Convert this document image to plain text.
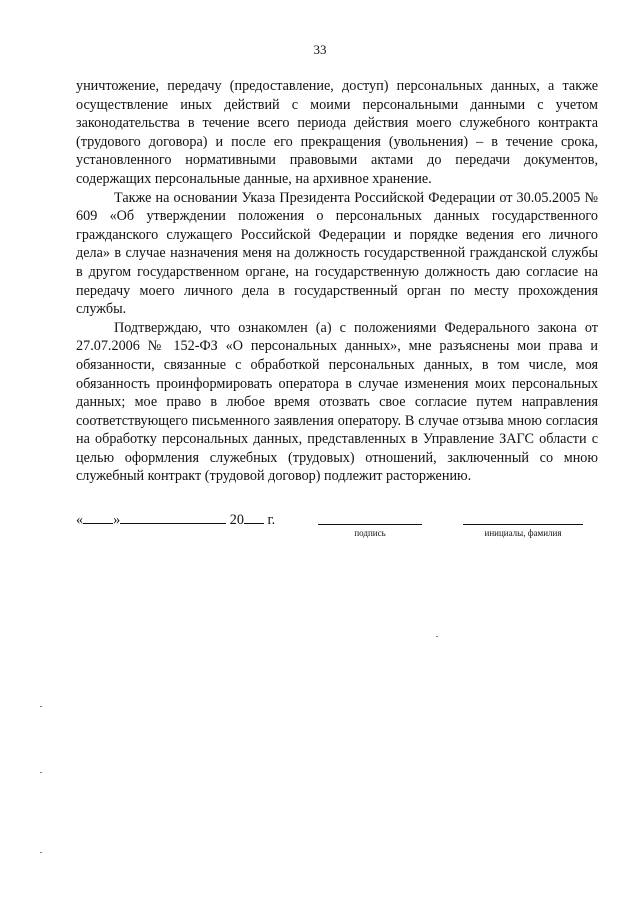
33

уничтожение, передачу (предоставление, доступ) персональных данных, а также осуществление иных действий с моими персональными данными с учетом законодательства в течение всего периода действия моего служебного контракта (трудового договора) и после его прекращения (увольнения) – в течение срока, установленного нормативными правовыми актами до передачи документов, содержащих персональные данные, на архивное хранение.

Также на основании Указа Президента Российской Федерации от 30.05.2005 № 609 «Об утверждении положения о персональных данных государственного гражданского служащего Российской Федерации и порядке ведения его личного дела» в случае назначения меня на должность государственной гражданской службы в другом государственном органе, на государственную должность даю согласие на передачу моего личного дела в государственный орган по месту прохождения службы.

Подтверждаю, что ознакомлен (а) с положениями Федерального закона от 27.07.2006 № 152-ФЗ «О персональных данных», мне разъяснены мои права и обязанности, связанные с обработкой персональных данных, в том числе, моя обязанность проинформировать оператора в случае изменения моих персональных данных; мое право в любое время отозвать свое согласие путем направления соответствующего письменного заявления оператору. В случае отзыва мною согласия на обработку персональных данных, представленных в Управление ЗАГС области с целью оформления служебных (трудовых) отношений, заключенный со мною служебный контракт (трудовой договор) подлежит расторжению.

« »	20 г.
подпись	инициалы, фамилия
